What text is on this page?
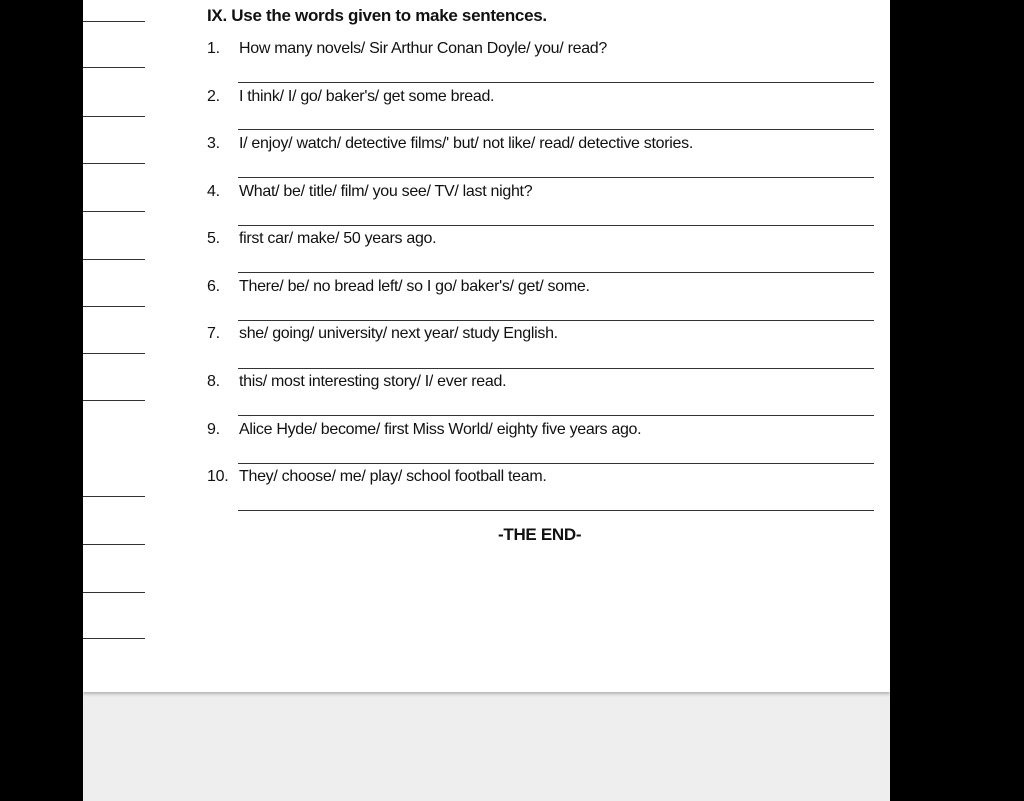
IX. Use the words given to make sentences.
1. How many novels/ Sir Arthur Conan Doyle/ you/ read?
2. I think/ I/ go/ baker's/ get some bread.
3. I/ enjoy/ watch/ detective films/' but/ not like/ read/ detective stories.
4. What/ be/ title/ film/ you see/ TV/ last night?
5. first car/ make/ 50 years ago.
6. There/ be/ no bread left/ so I go/ baker's/ get/ some.
7. she/ going/ university/ next year/ study English.
8. this/ most interesting story/ I/ ever read.
9. Alice Hyde/ become/ first Miss World/ eighty five years ago.
10. They/ choose/ me/ play/ school football team.
-THE END-
